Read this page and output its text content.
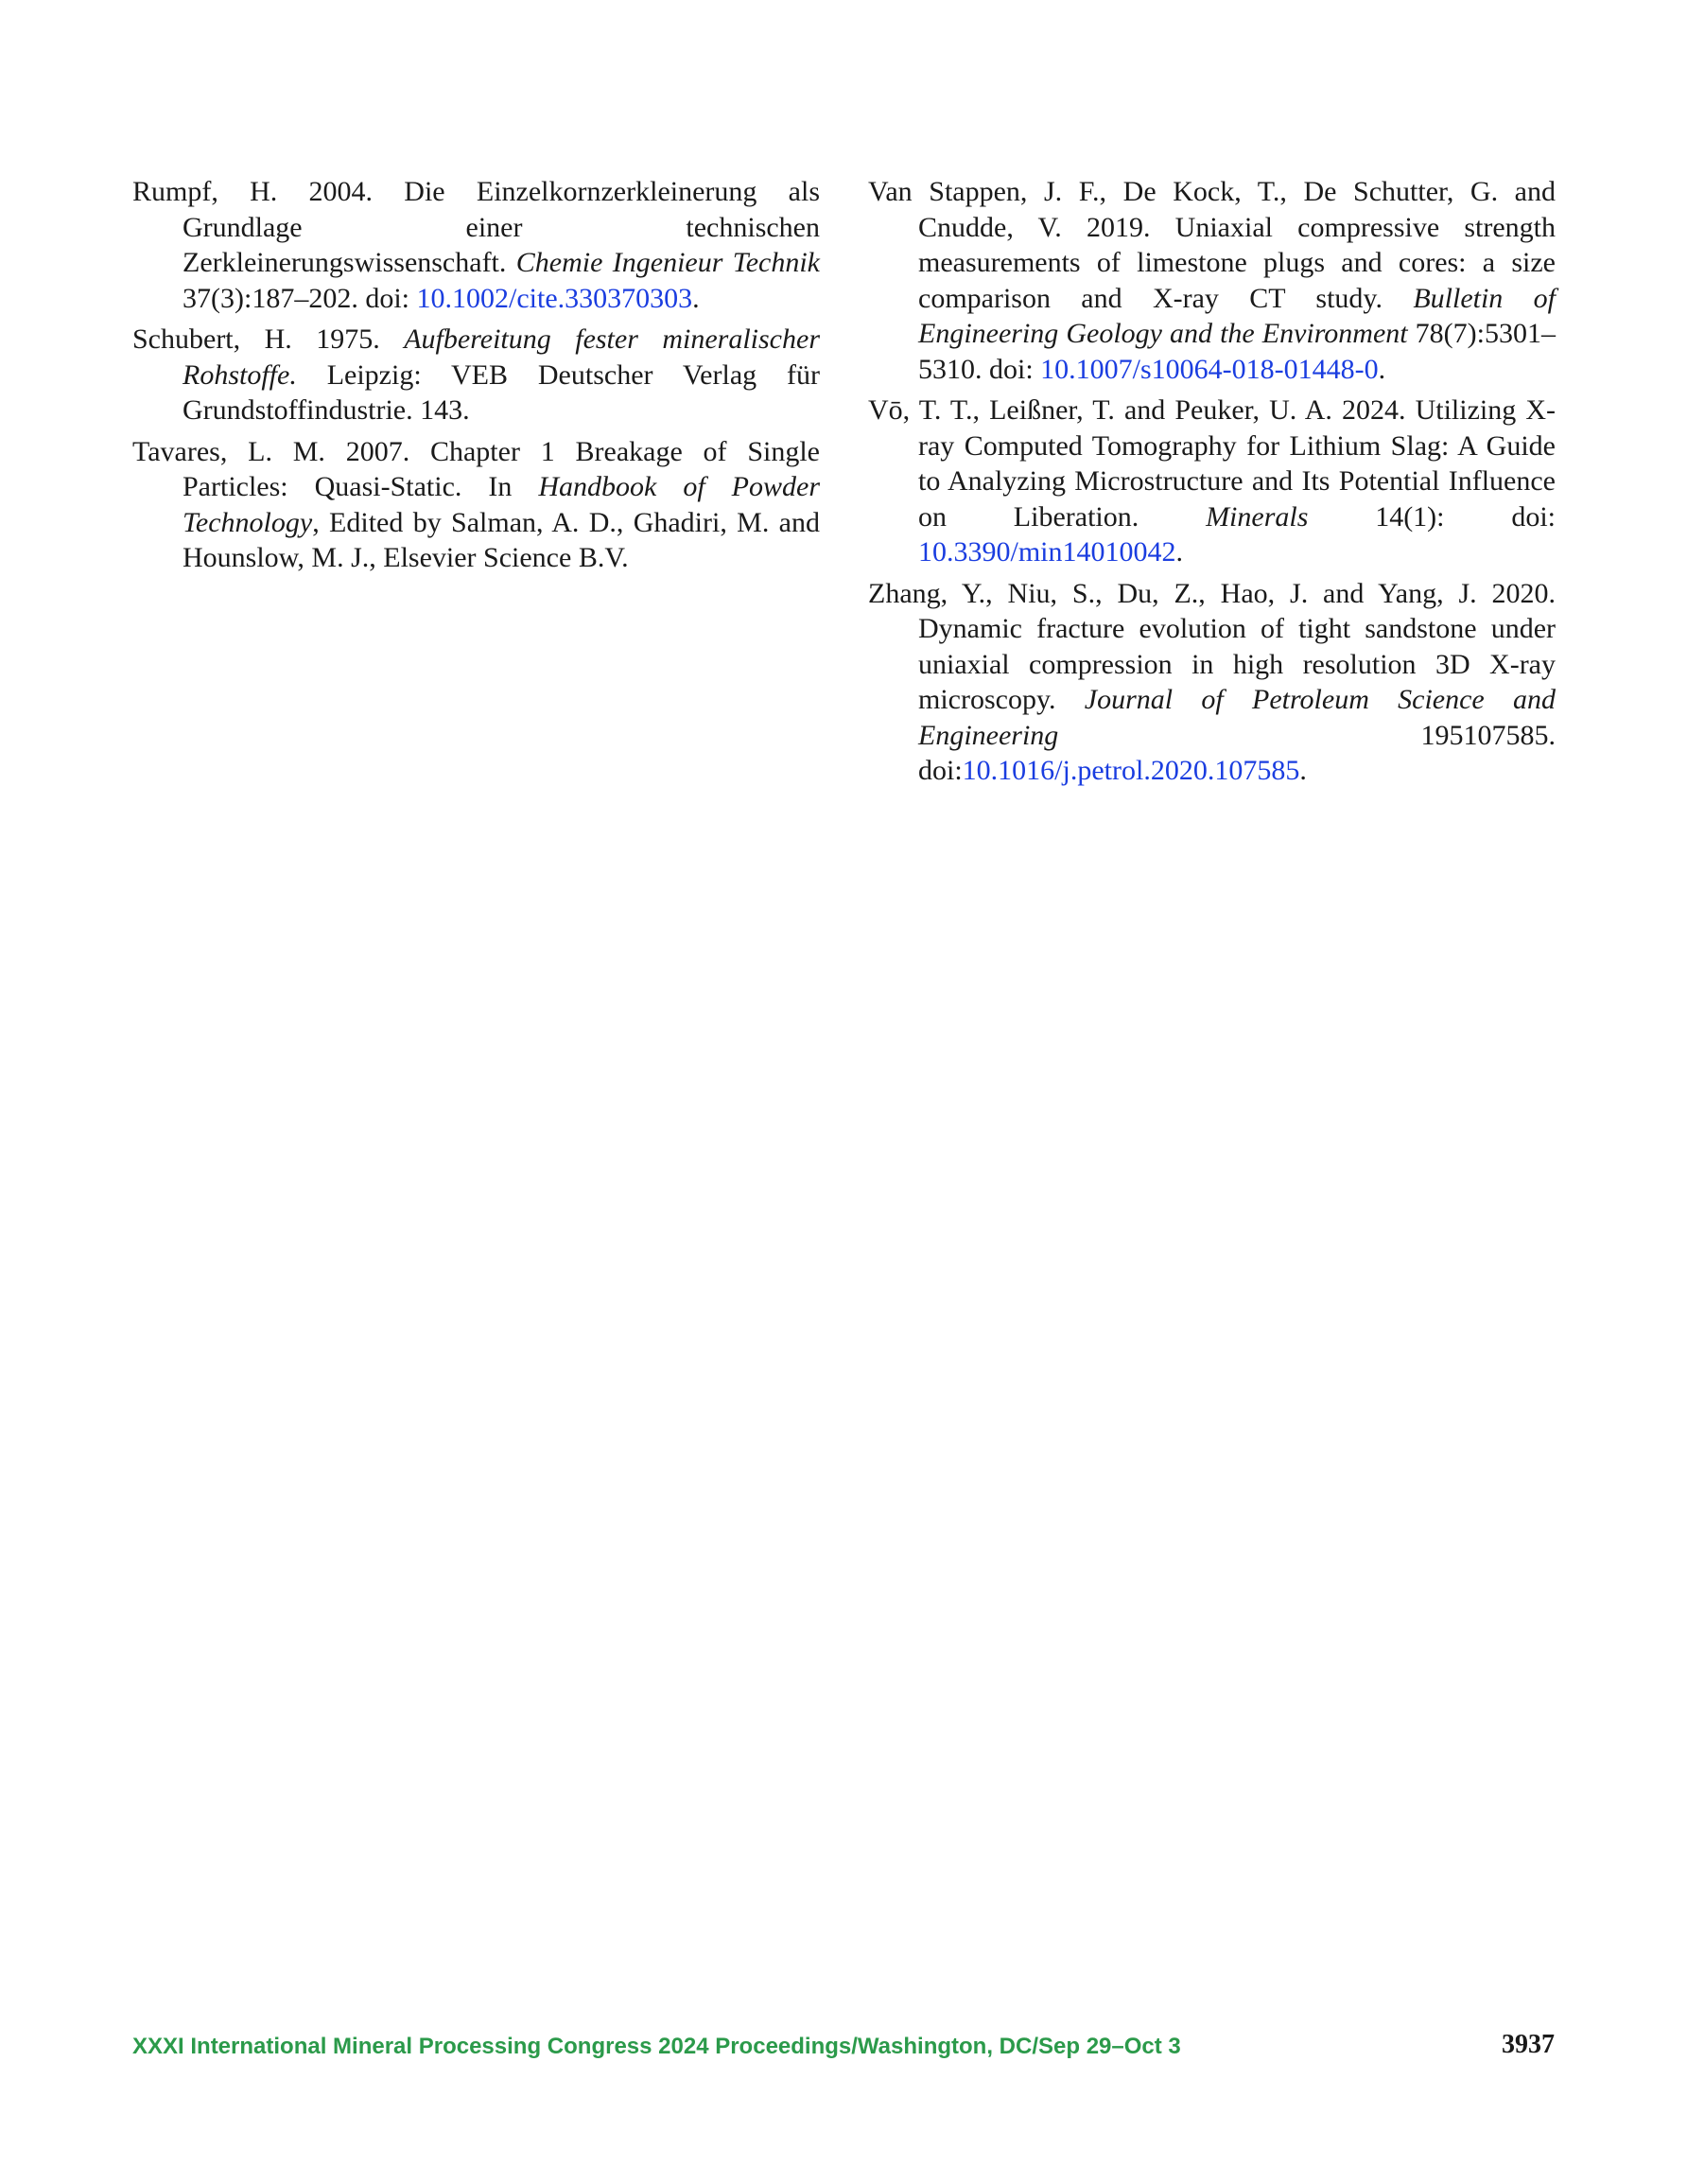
Rumpf, H. 2004. Die Einzelkornzerkleinerung als Grundlage einer technischen Zerkleinerungswissenschaft. Chemie Ingenieur Technik 37(3):187–202. doi: 10.1002/cite.330370303.

Schubert, H. 1975. Aufbereitung fester mineralischer Rohstoffe. Leipzig: VEB Deutscher Verlag für Grundstoffindustrie. 143.

Tavares, L. M. 2007. Chapter 1 Breakage of Single Particles: Quasi-Static. In Handbook of Powder Technology, Edited by Salman, A. D., Ghadiri, M. and Hounslow, M. J., Elsevier Science B.V.

Van Stappen, J. F., De Kock, T., De Schutter, G. and Cnudde, V. 2019. Uniaxial compressive strength measurements of limestone plugs and cores: a size comparison and X-ray CT study. Bulletin of Engineering Geology and the Environment 78(7):5301–5310. doi: 10.1007/s10064-018-01448-0.

Vō, T. T., Leißner, T. and Peuker, U. A. 2024. Utilizing X-ray Computed Tomography for Lithium Slag: A Guide to Analyzing Microstructure and Its Potential Influence on Liberation. Minerals 14(1): doi: 10.3390/min14010042.

Zhang, Y., Niu, S., Du, Z., Hao, J. and Yang, J. 2020. Dynamic fracture evolution of tight sandstone under uniaxial compression in high resolution 3D X-ray microscopy. Journal of Petroleum Science and Engineering 195107585. doi:10.1016/j.petrol.2020.107585.

XXXI International Mineral Processing Congress 2024 Proceedings/Washington, DC/Sep 29–Oct 3	3937
